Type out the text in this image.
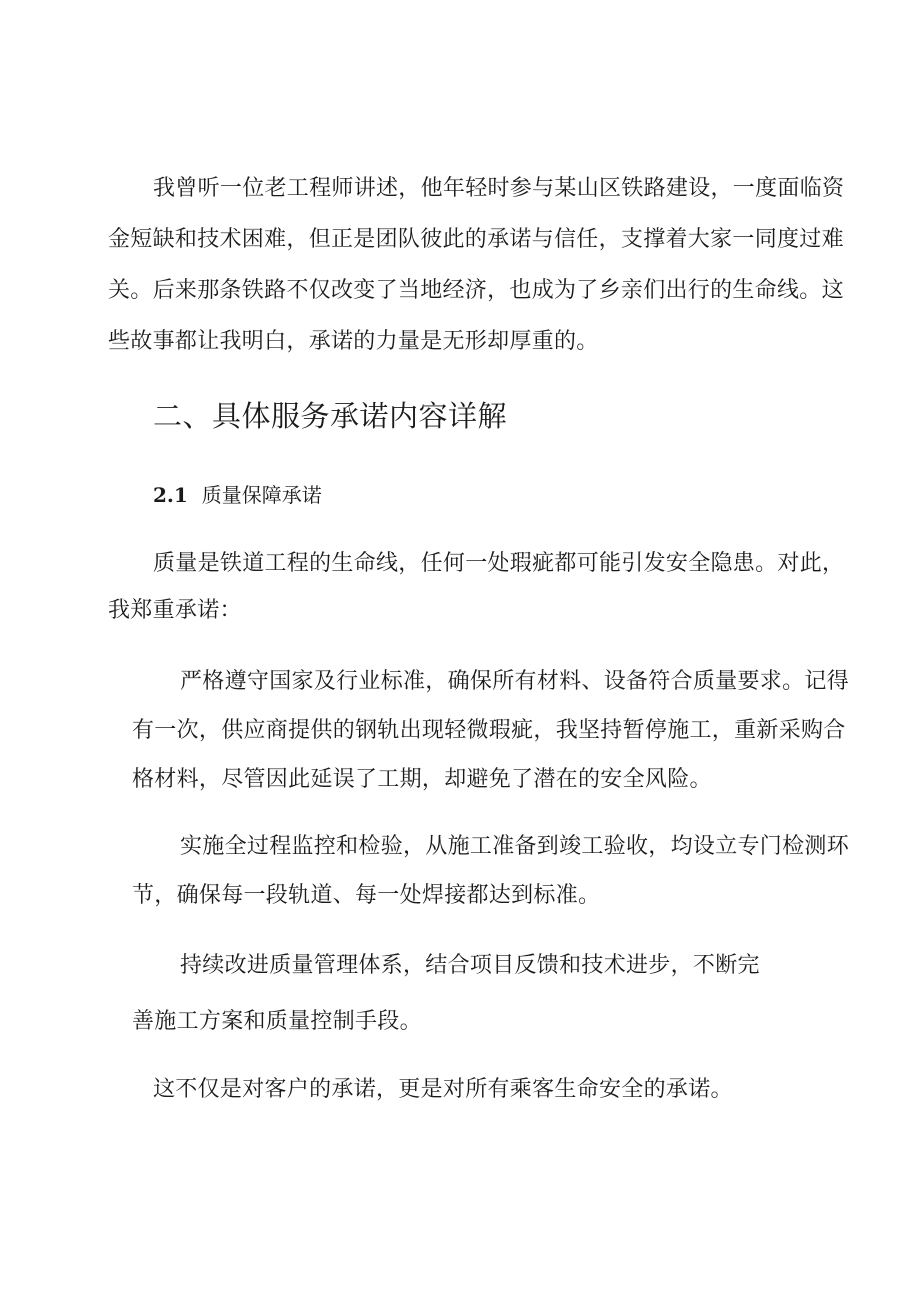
我曾听一位老工程师讲述，他年轻时参与某山区铁路建设，一度面临资
金短缺和技术困难，但正是团队彼此的承诺与信任，支撑着大家一同度过难
关。后来那条铁路不仅改变了当地经济，也成为了乡亲们出行的生命线。这
些故事都让我明白，承诺的力量是无形却厚重的。
二、具体服务承诺内容详解
2.1 质量保障承诺
质量是铁道工程的生命线，任何一处瑕疵都可能引发安全隐患。对此，
我郑重承诺：
严格遵守国家及行业标准，确保所有材料、设备符合质量要求。记得
有一次，供应商提供的钢轨出现轻微瑕疵，我坚持暂停施工，重新采购合
格材料，尽管因此延误了工期，却避免了潜在的安全风险。
实施全过程监控和检验，从施工准备到竣工验收，均设立专门检测环
节，确保每一段轨道、每一处焊接都达到标准。
持续改进质量管理体系，结合项目反馈和技术进步，不断完
善施工方案和质量控制手段。
这不仅是对客户的承诺，更是对所有乘客生命安全的承诺。
